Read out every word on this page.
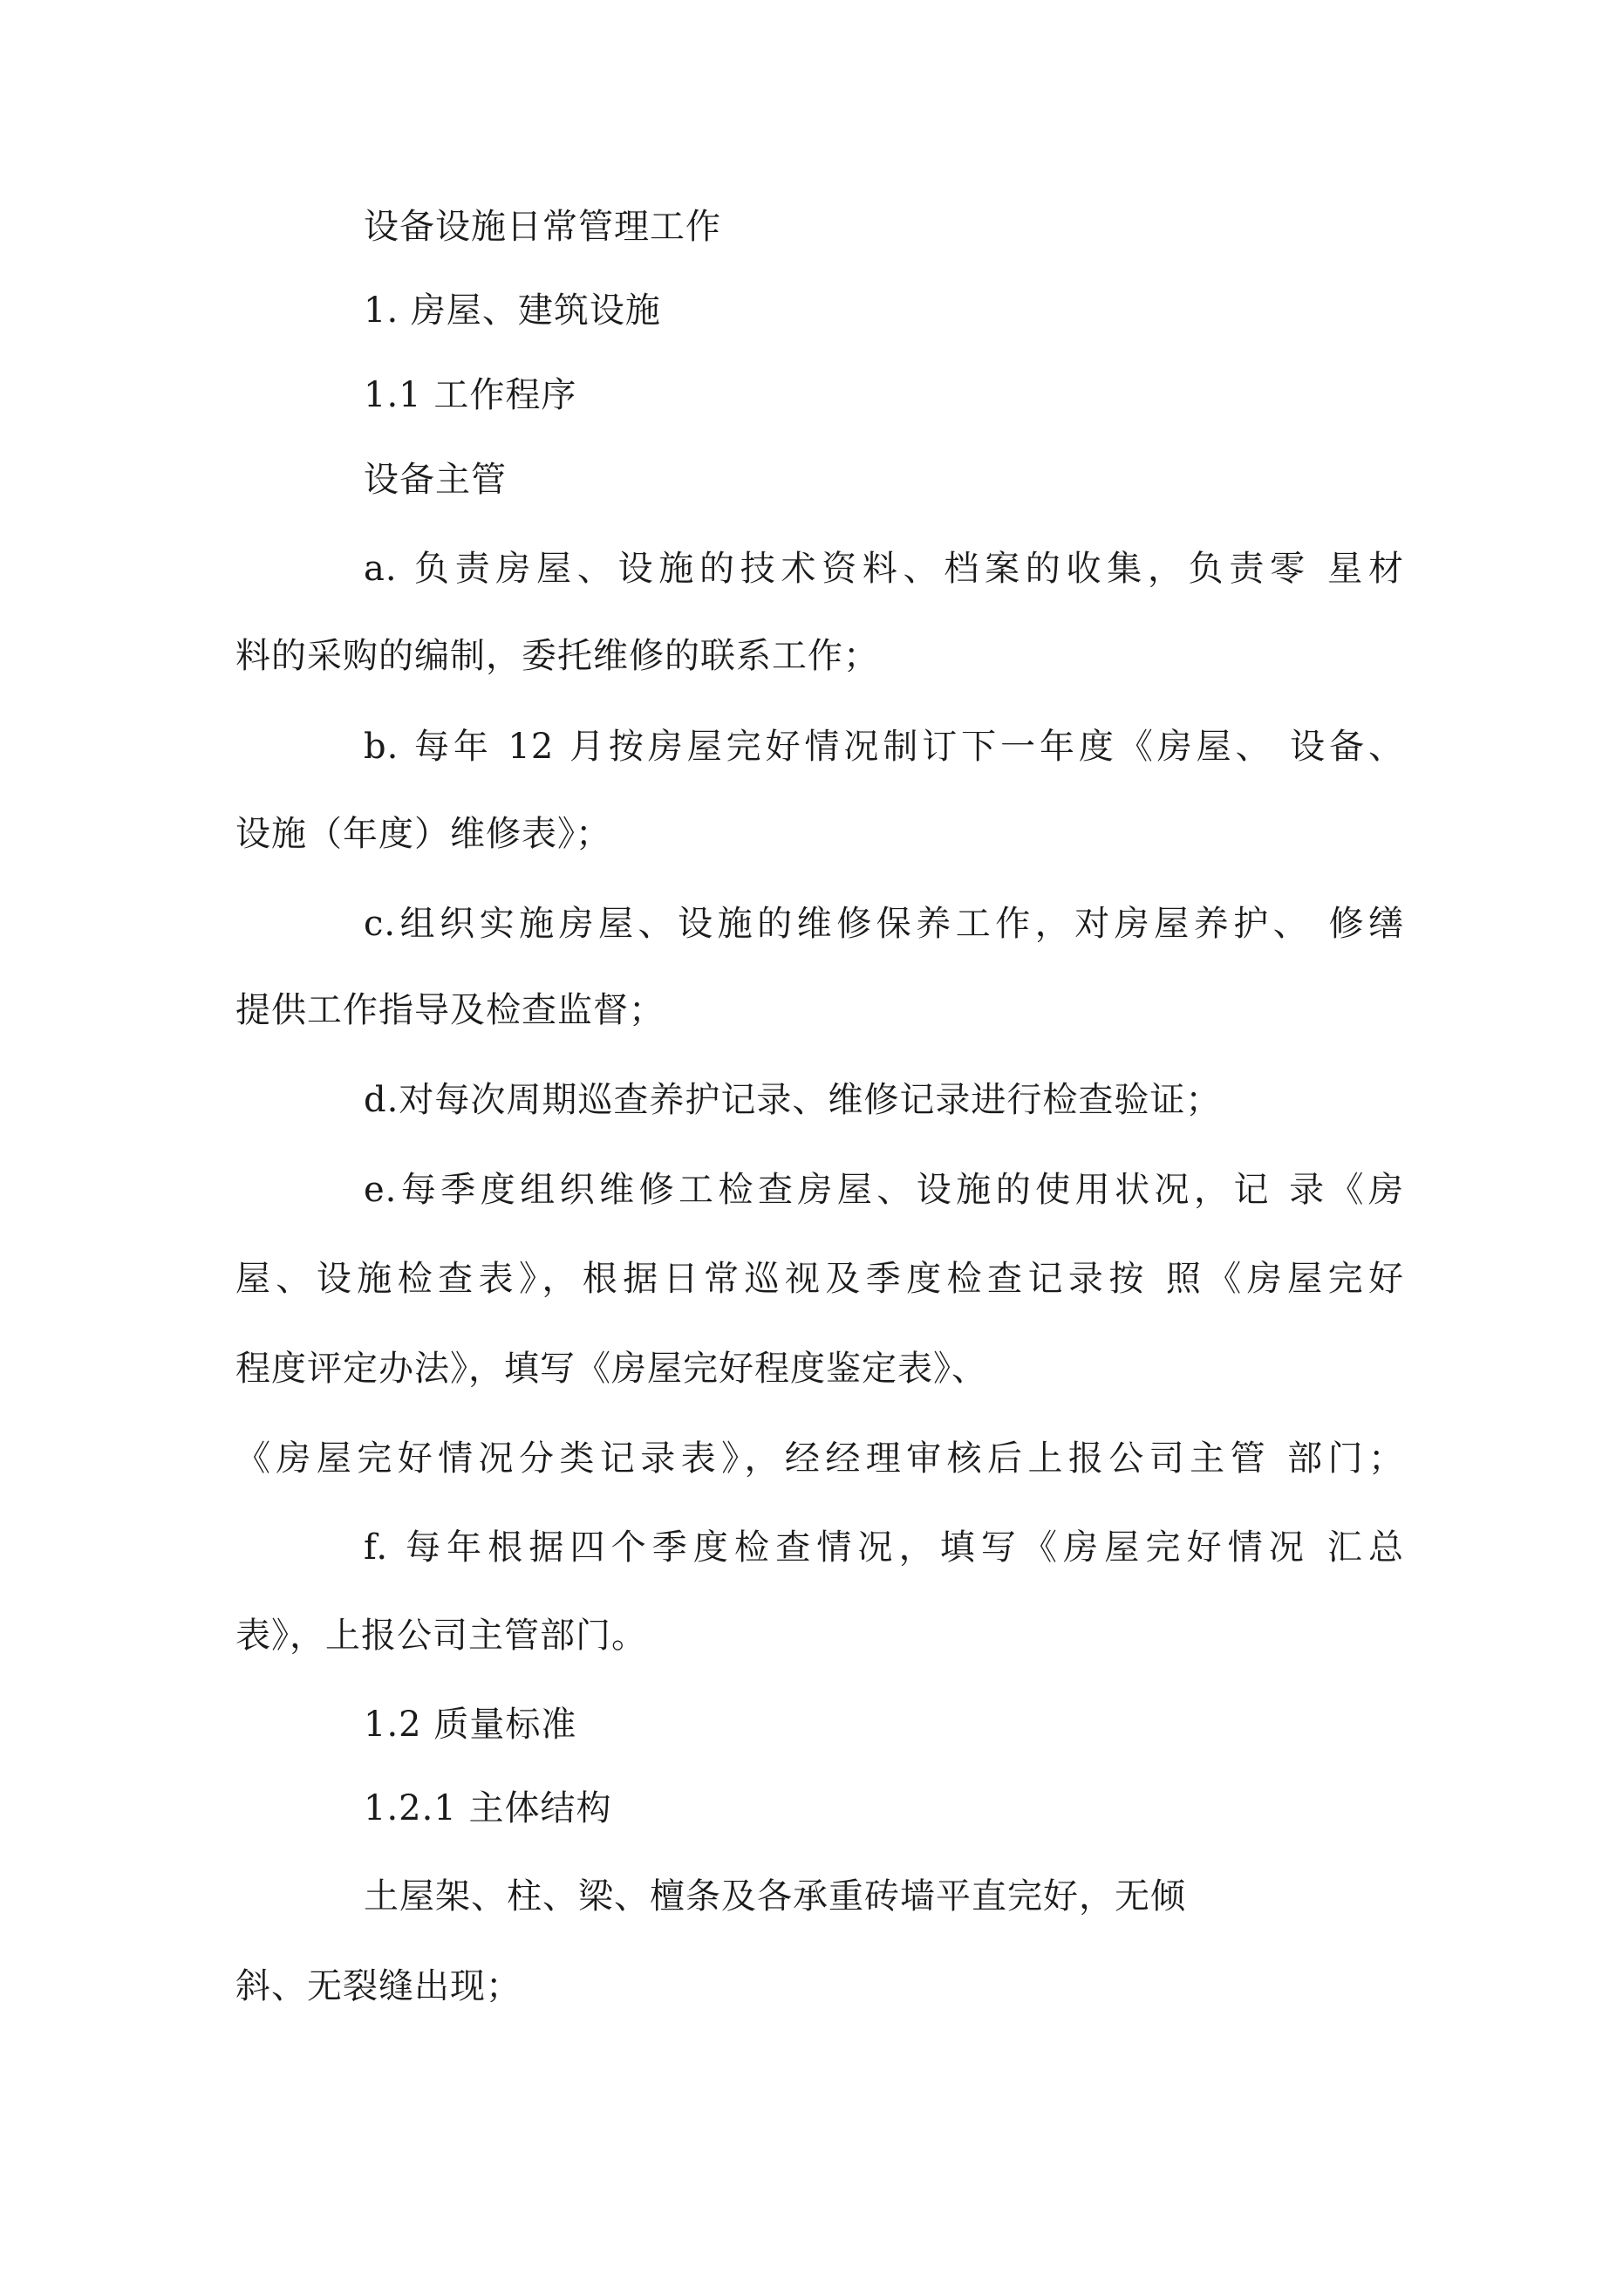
设备设施日常管理工作
1. 房屋、建筑设施
1.1 工作程序
设备主管
a. 负责房屋、设施的技术资料、档案的收集，负责零 星材
料的采购的编制，委托维修的联系工作；
b. 每年 12 月按房屋完好情况制订下一年度《房屋、 设备、
设施（年度）维修表》；
c.组织实施房屋、设施的维修保养工作，对房屋养护、 修缮
提供工作指导及检查监督；
d.对每次周期巡查养护记录、维修记录进行检查验证；
e.每季度组织维修工检查房屋、设施的使用状况，记 录《房
屋、设施检查表》，根据日常巡视及季度检查记录按 照《房屋完好
程度评定办法》，填写《房屋完好程度鉴定表》、
《房屋完好情况分类记录表》，经经理审核后上报公司主管 部门；
f. 每年根据四个季度检查情况，填写《房屋完好情况 汇总
表》，上报公司主管部门。
1.2 质量标准
1.2.1 主体结构
土屋架、柱、梁、檀条及各承重砖墙平直完好，无倾
斜、无裂缝出现；
